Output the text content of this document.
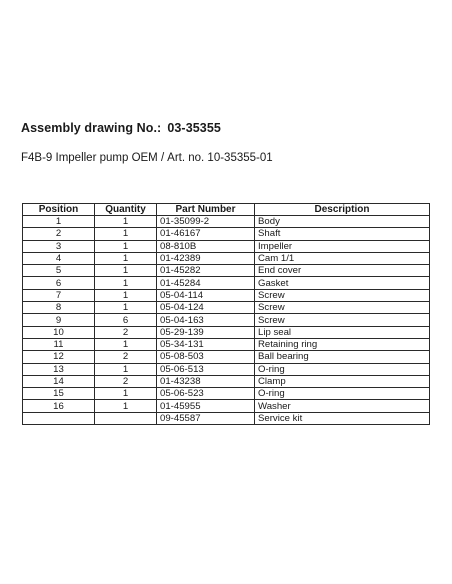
Assembly drawing No.: 03-35355
F4B-9 Impeller pump OEM / Art. no. 10-35355-01
Position	Quantity	Part Number	Description
1	1	01-35099-2	Body
2	1	01-46167	Shaft
3	1	08-810B	Impeller
4	1	01-42389	Cam 1/1
5	1	01-45282	End cover
6	1	01-45284	Gasket
7	1	05-04-114	Screw
8	1	05-04-124	Screw
9	6	05-04-163	Screw
10	2	05-29-139	Lip seal
11	1	05-34-131	Retaining ring
12	2	05-08-503	Ball bearing
13	1	05-06-513	O-ring
14	2	01-43238	Clamp
15	1	05-06-523	O-ring
16	1	01-45955	Washer
		09-45587	Service kit
